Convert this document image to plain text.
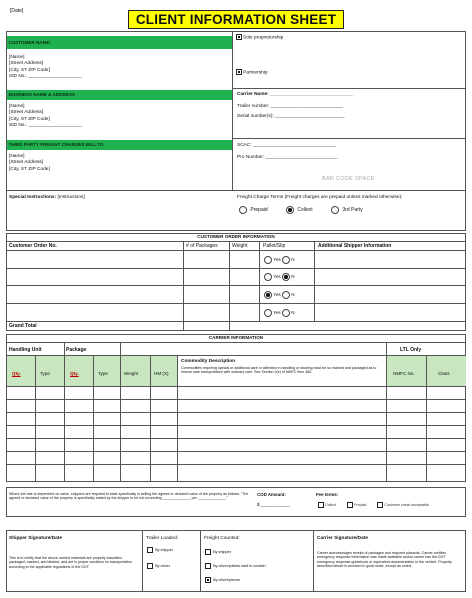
[Date]
CLIENT INFORMATION SHEET
CUSTOMER NAME:
[Name]
[Street Address]
[City, ST ZIP Code]
SID No.: ____________________
BUSINESS NAME & ADDRESS
[Name]
[Street Address]
[City, ST ZIP Code]
SID No.: ____________________
THIRD PARTY FREIGHT CHARGES BILL TO
[Name]
[Street Address]
[City, ST ZIP Code]
Sole proprietorship
Partnership
Carrier Name: _______________________________
Trailer number: ___________________________
Serial number(s): __________________________
SCAC: _______________________________
Pro Number: ___________________________
BAR CODE SPACE
Special Instructions: [Instructions]	Freight Charge Terms (Freight charges are prepaid unless marked otherwise):
Prepaid	Collect	3rd Party
CUSTOMER ORDER INFORMATION
Customer Order No.	# of Packages	Weight	Pallet/Slip	Additional Shipper Information
Grand Total
Yes N
Yes N
Yes N
Yes N
CARRIER INFORMATION
Handling Unit	Package	LTL Only
Qty.	Type	Qty.	Type	Weight	HM (X)
Commodity Description
Commodities requiring special or additional care or attention in handling or stowing must be so marked and packaged as to ensure safe transportation with ordinary care. See Section 2(e) of NMFC Item 360.	NMFC No.	Class
Where the rate is dependent on value, shippers are required to state specifically in writing the agreed or declared value of the property as follows: "The agreed or declared value of the property is specifically stated by the shipper to be not exceeding ______________ per ______________."
COD Amount:
$ ____________
Fee terms:
Collect	Prepaid	Customer check acceptable
Shipper Signature/Date
This is to certify that the above-named materials are properly classified, packaged, marked, and labeled, and are in proper condition for transportation according to the applicable regulations of the DOT.
Trailer Loaded:
By shipper
By driver
Freight Counted:
By shipper
By driver/pallets said to contain
By driver/pieces
Carrier Signature/Date
Carrier acknowledges receipt of packages and required placards. Carrier certifies emergency response information was made available and/or carrier has the DOT emergency response guidebook or equivalent documentation in the vehicle. Property described above is received in good order, except as noted.
